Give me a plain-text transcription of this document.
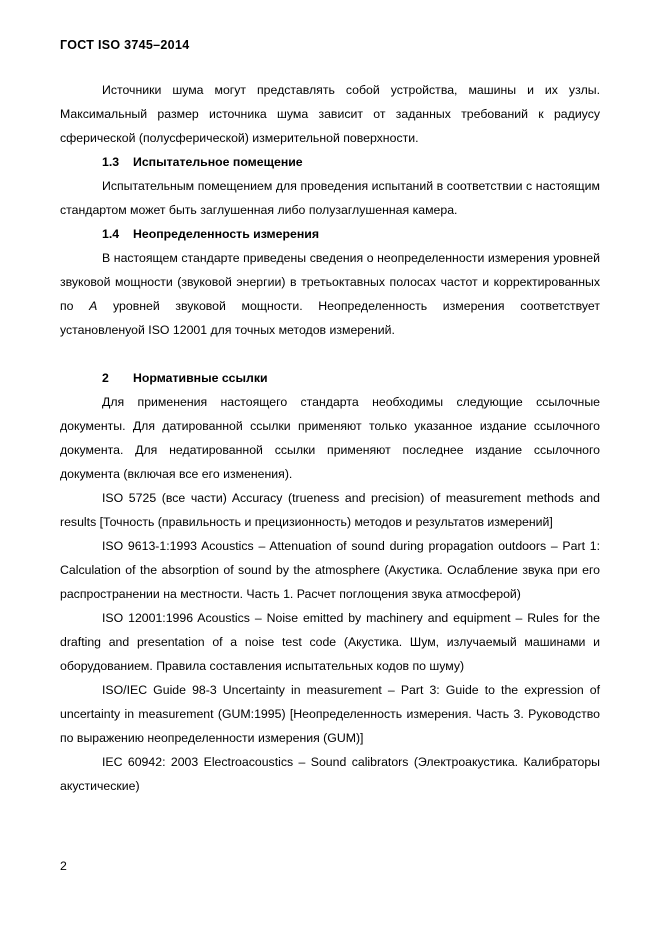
ГОСТ ISO 3745–2014

Источники шума могут представлять собой устройства, машины и их узлы. Максимальный размер источника шума зависит от заданных требований к радиусу сферической (полусферической) измерительной поверхности.

1.3 Испытательное помещение

Испытательным помещением для проведения испытаний в соответствии с настоящим стандартом может быть заглушенная либо полузаглушенная камера.

1.4 Неопределенность измерения

В настоящем стандарте приведены сведения о неопределенности измерения уровней звуковой мощности (звуковой энергии) в третьоктавных полосах частот и корректированных по A уровней звуковой мощности. Неопределенность измерения соответствует установленуой ISO 12001 для точных методов измерений.

2 Нормативные ссылки

Для применения настоящего стандарта необходимы следующие ссылочные документы. Для датированной ссылки применяют только указанное издание ссылочного документа. Для недатированной ссылки применяют последнее издание ссылочного документа (включая все его изменения).

ISO 5725 (все части) Accuracy (trueness and precision) of measurement methods and results [Точность (правильность и прецизионность) методов и результатов измерений]

ISO 9613-1:1993 Acoustics – Attenuation of sound during propagation outdoors – Part 1: Calculation of the absorption of sound by the atmosphere (Акустика. Ослабление звука при его распространении на местности. Часть 1. Расчет поглощения звука атмосферой)

ISO 12001:1996 Acoustics – Noise emitted by machinery and equipment – Rules for the drafting and presentation of a noise test code (Акустика. Шум, излучаемый машинами и оборудованием. Правила составления испытательных кодов по шуму)

ISO/IEC Guide 98-3 Uncertainty in measurement – Part 3: Guide to the expression of uncertainty in measurement (GUM:1995) [Неопределенность измерения. Часть 3. Руководство по выражению неопределенности измерения (GUM)]

IEC 60942: 2003 Electroacoustics – Sound calibrators (Электроакустика. Калибраторы акустические)

2
